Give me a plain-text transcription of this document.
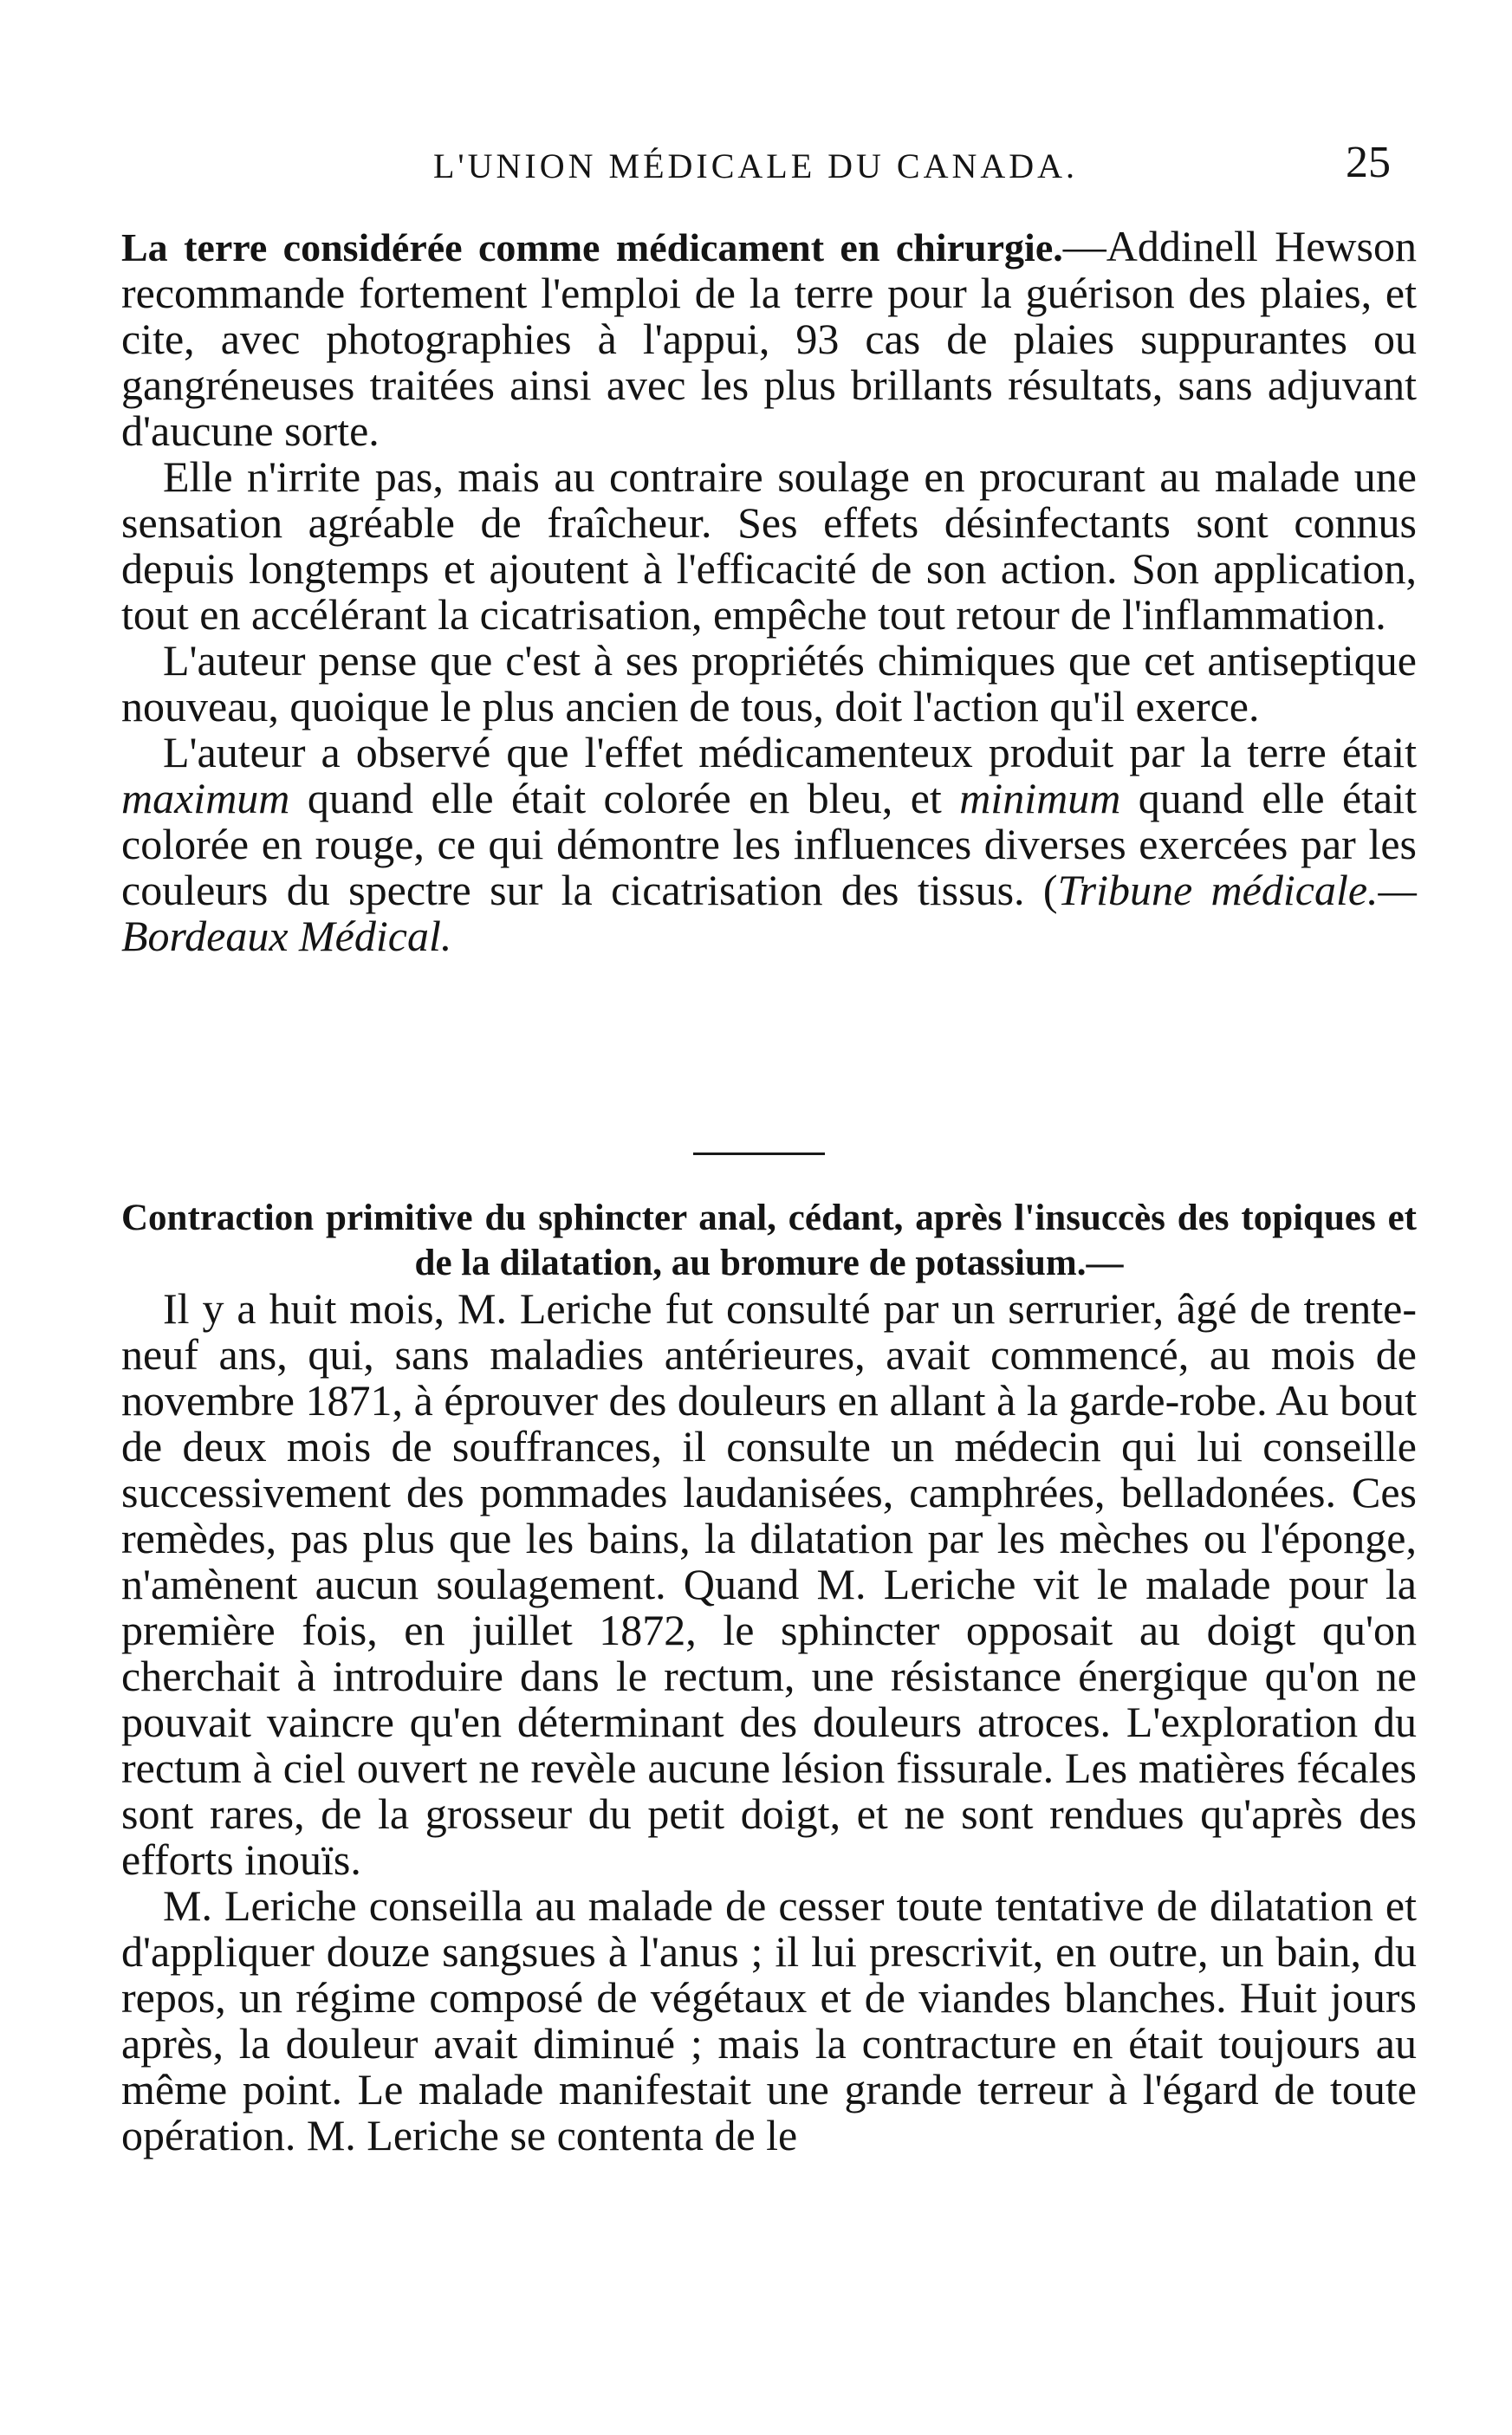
L'UNION MÉDICALE DU CANADA.	25

La terre considérée comme médicament en chirurgie.—Addinell Hewson recommande fortement l'emploi de la terre pour la guérison des plaies, et cite, avec photographies à l'appui, 93 cas de plaies suppurantes ou gangréneuses traitées ainsi avec les plus brillants résultats, sans adjuvant d'aucune sorte.

Elle n'irrite pas, mais au contraire soulage en procurant au malade une sensation agréable de fraîcheur. Ses effets désinfectants sont connus depuis longtemps et ajoutent à l'efficacité de son action. Son application, tout en accélérant la cicatrisation, empêche tout retour de l'inflammation.

L'auteur pense que c'est à ses propriétés chimiques que cet antiseptique nouveau, quoique le plus ancien de tous, doit l'action qu'il exerce.

L'auteur a observé que l'effet médicamenteux produit par la terre était maximum quand elle était colorée en bleu, et minimum quand elle était colorée en rouge, ce qui démontre les influences diverses exercées par les couleurs du spectre sur la cicatrisation des tissus. (Tribune médicale.—Bordeaux Médical.

Contraction primitive du sphincter anal, cédant, après l'insuccès des topiques et de la dilatation, au bromure de potassium.—

Il y a huit mois, M. Leriche fut consulté par un serrurier, âgé de trente-neuf ans, qui, sans maladies antérieures, avait commencé, au mois de novembre 1871, à éprouver des douleurs en allant à la garde-robe. Au bout de deux mois de souffrances, il consulte un médecin qui lui conseille successivement des pommades laudanisées, camphrées, belladonées. Ces remèdes, pas plus que les bains, la dilatation par les mèches ou l'éponge, n'amènent aucun soulagement. Quand M. Leriche vit le malade pour la première fois, en juillet 1872, le sphincter opposait au doigt qu'on cherchait à introduire dans le rectum, une résistance énergique qu'on ne pouvait vaincre qu'en déterminant des douleurs atroces. L'exploration du rectum à ciel ouvert ne revèle aucune lésion fissurale. Les matières fécales sont rares, de la grosseur du petit doigt, et ne sont rendues qu'après des efforts inouïs.

M. Leriche conseilla au malade de cesser toute tentative de dilatation et d'appliquer douze sangsues à l'anus ; il lui prescrivit, en outre, un bain, du repos, un régime composé de végétaux et de viandes blanches. Huit jours après, la douleur avait diminué ; mais la contracture en était toujours au même point. Le malade manifestait une grande terreur à l'égard de toute opération. M. Leriche se contenta de le
